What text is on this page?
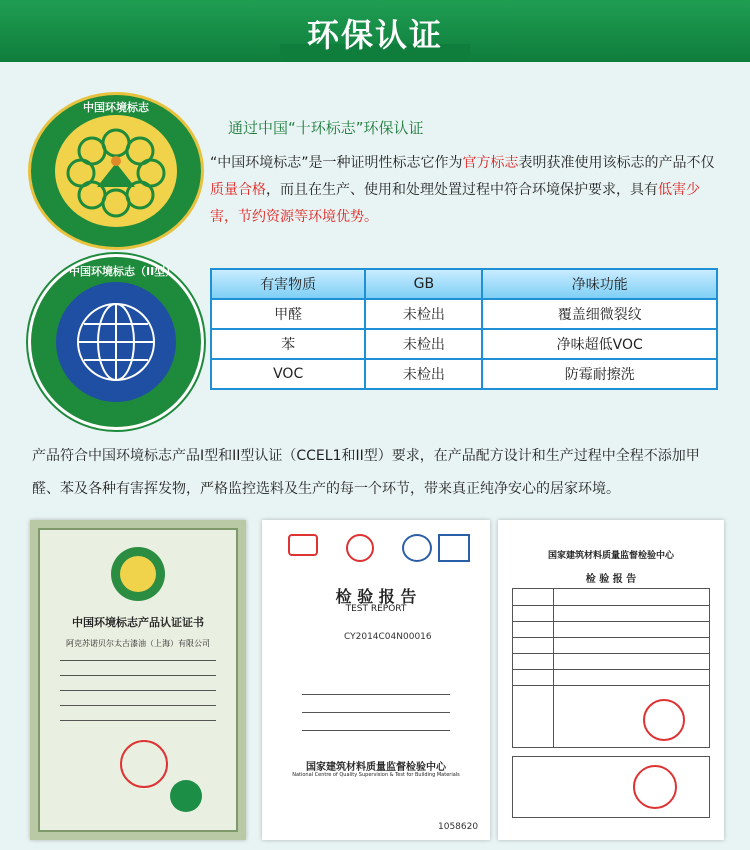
环保认证
中国环境标志
中国环境标志（II型）
通过中国“十环标志”环保认证
“中国环境标志”是一种证明性标志它作为官方标志表明获准使用该标志的产品不仅质量合格，而且在生产、使用和处理处置过程中符合环境保护要求，具有低害少害，节约资源等环境优势。
有害物质	GB	净味功能
甲醛	未检出	覆盖细微裂纹
苯	未检出	净味超低VOC
VOC	未检出	防霉耐擦洗
产品符合中国环境标志产品I型和II型认证（CCEL1和II型）要求，在产品配方设计和生产过程中全程不添加甲醛、苯及各种有害挥发物，严格监控选料及生产的每一个环节，带来真正纯净安心的居家环境。
中国环境标志产品认证证书
阿克苏诺贝尔太古漆油（上海）有限公司
检 验 报 告
TEST REPORT
CY2014C04N00016
国家建筑材料质量监督检验中心
National Centre of Quality Supervision & Test for Building Materials
1058620
国家建筑材料质量监督检验中心
检 验 报 告
